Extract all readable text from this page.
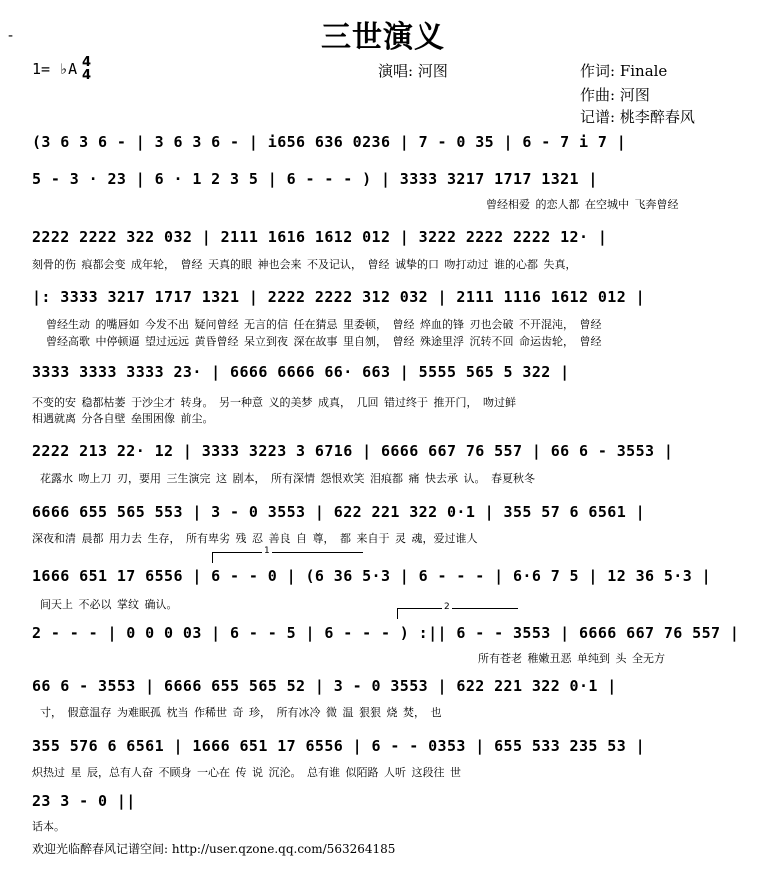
-	三世演义
1= ♭A 4
4	演唱: 河图	作词: Finale
作曲: 河图
记谱: 桃李醉春风
(3 6 3 6 - | 3 6 3 6 - | i656 636 0236 | 7 - 0 35 | 6 - 7 i 7 |
5 - 3 · 23 | 6 · 1 2 3 5 | 6 - - - ) | 3333 3217 1717 1321 |
曾经相爱 的恋人都 在空城中 飞奔曾经
2222 2222 322 032 | 2111 1616 1612 012 | 3222 2222 2222 12· |
刻骨的伤 痕都会变 成年轮， 曾经 天真的眼 神也会来 不及记认， 曾经 诚挚的口 吻打动过 谁的心都 失真，
|: 3333 3217 1717 1321 | 2222 2222 312 032 | 2111 1116 1612 012 |
曾经生动 的嘴唇如 今发不出 疑问曾经 无言的信 任在猜忌 里委顿， 曾经 焠血的锋 刃也会破 不开混沌， 曾经
曾经高歌 中停顿逼 望过远远 黄昏曾经 呆立到夜 深在故事 里自刎， 曾经 殊途里浮 沉转不回 命运齿轮， 曾经
3333 3333 3333 23· | 6666 6666 66· 663 | 5555 565 5 322 |
不变的安 稳都枯萎 于沙尘才 转身。 另一种意 义的美梦 成真， 几回 错过终于 推开门， 吻过鲜
相遇就离 分各自壁 垒围困像 前尘。
2222 213 22· 12 | 3333 3223 3 6716 | 6666 667 76 557 | 66 6 - 3553 |
花露水 吻上刀 刃，要用 三生演完 这 剧本， 所有深情 怨恨欢笑 泪痕都 痛 快去承 认。 春夏秋冬
6666 655 565 553 | 3 - 0 3553 | 622 221 322 0·1 | 355 57 6 6561 |
深夜和清 晨都 用力去 生存， 所有卑劣 残 忍 善良 自 尊， 都 来自于 灵 魂，爱过谁人
1
1666 651 17 6556 | 6 - - 0 | (6 36 5·3 | 6 - - - | 6·6 7 5 | 12 36 5·3 |
间天上 不必以 掌纹 确认。	2
2 - - - | 0 0 0 03 | 6 - - 5 | 6 - - - ) :|| 6 - - 3553 | 6666 667 76 557 |
所有苍老 稚嫩丑恶 单纯到 头 全无方
66 6 - 3553 | 6666 655 565 52 | 3 - 0 3553 | 622 221 322 0·1 |
寸， 假意温存 为难眠孤 枕当 作稀世 奇 珍， 所有冰冷 微 温 狠狠 烧 焚， 也
355 576 6 6561 | 1666 651 17 6556 | 6 - - 0353 | 655 533 235 53 |
炽热过 星 辰，总有人奋 不顾身 一心在 传 说 沉沦。 总有谁 似陌路 人听 这段往 世
23 3 - 0 ||
话本。
欢迎光临醉春风记谱空间: http://user.qzone.qq.com/563264185
